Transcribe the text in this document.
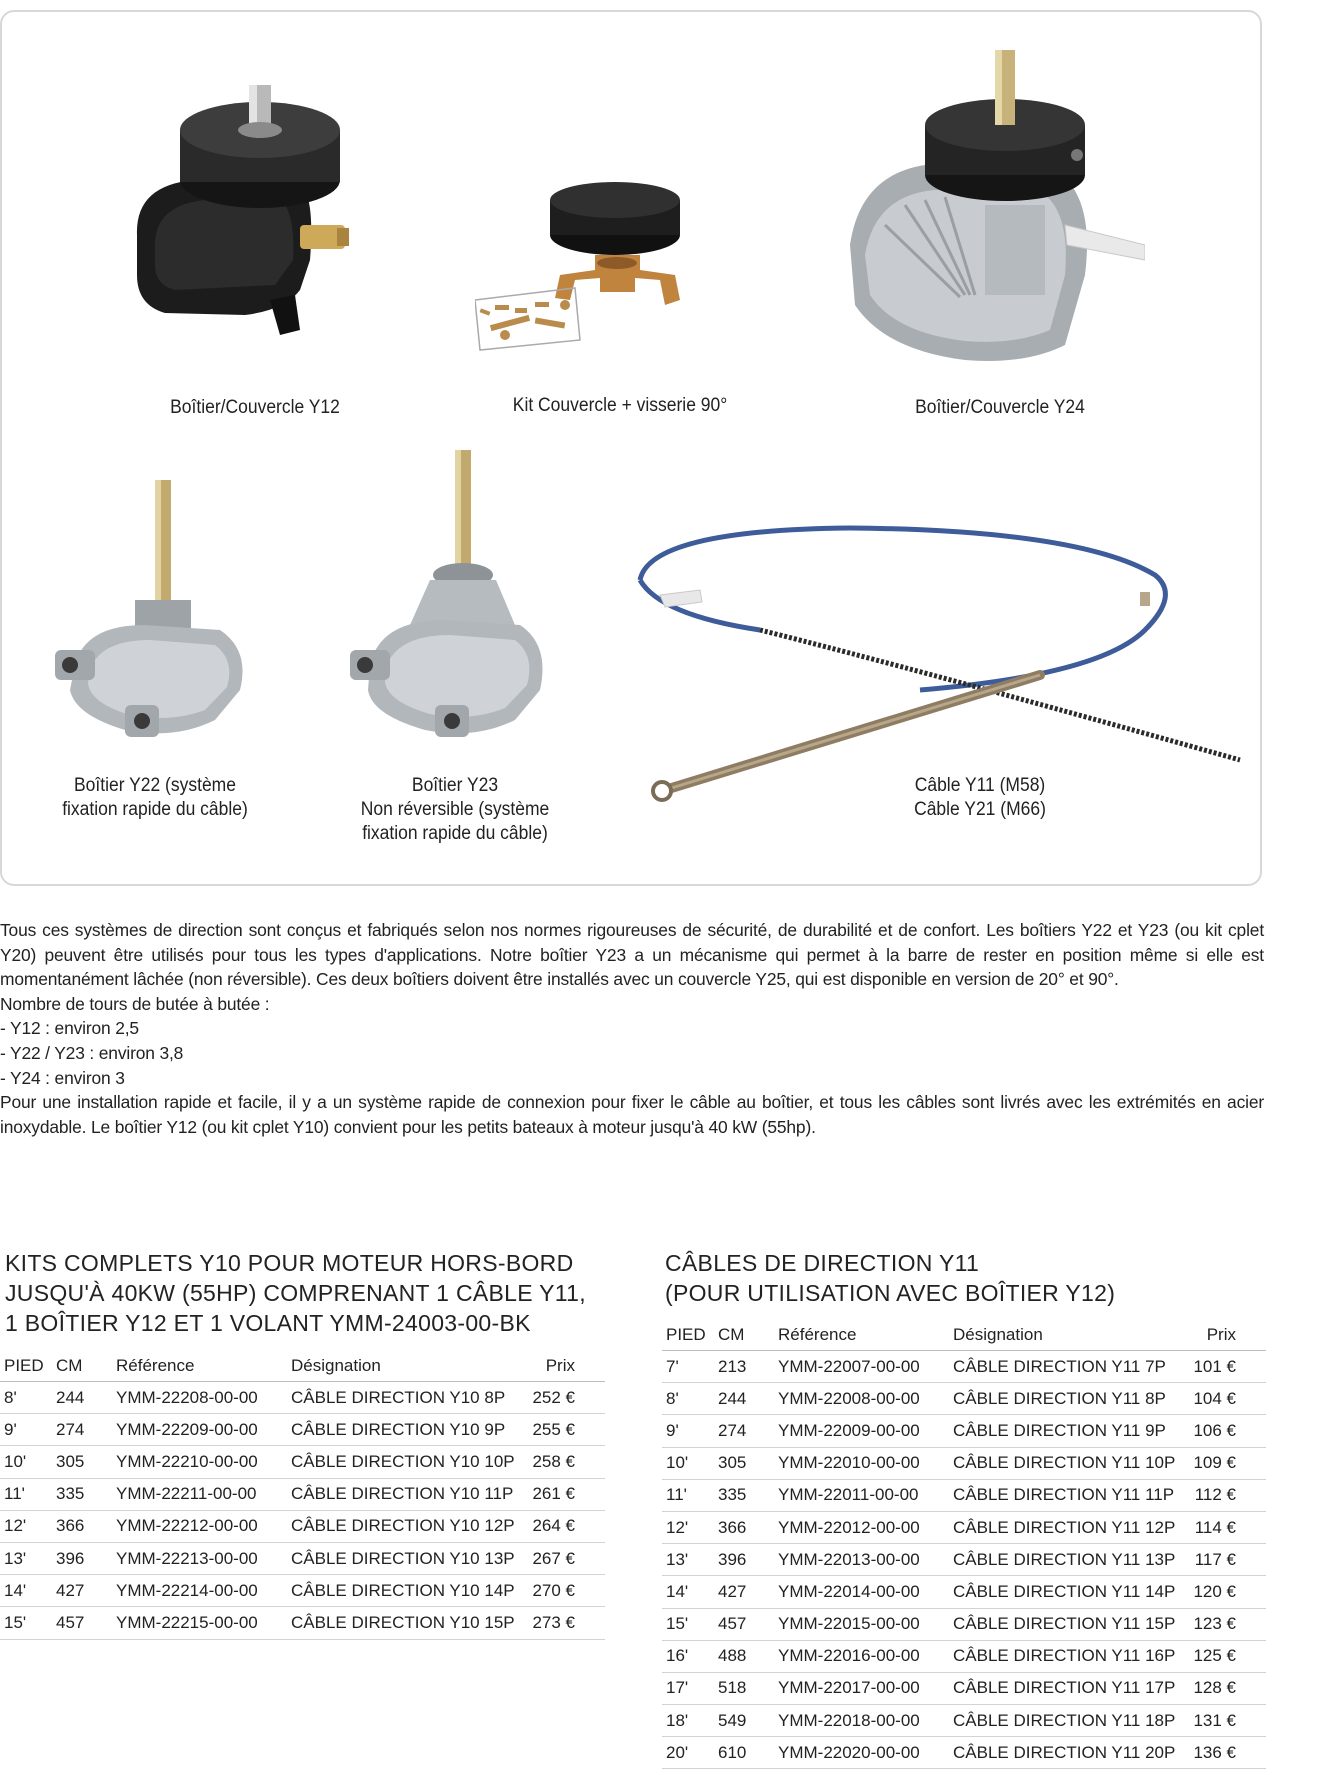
Boîtier/Couvercle Y12	Kit Couvercle + visserie 90°	Boîtier/Couvercle Y24
Boîtier Y22 (système
fixation rapide du câble)
Boîtier Y23
Non réversible (système
fixation rapide du câble)
Câble Y11 (M58)
Câble Y21 (M66)

Tous ces systèmes de direction sont conçus et fabriqués selon nos normes rigoureuses de sécurité, de durabilité et de confort. Les boîtiers Y22 et Y23 (ou kit cplet Y20) peuvent être utilisés pour tous les types d'applications. Notre boîtier Y23 a un mécanisme qui permet à la barre de rester en position même si elle est momentanément lâchée (non réversible). Ces deux boîtiers doivent être installés avec un couvercle Y25, qui est disponible en version de 20° et 90°.

Nombre de tours de butée à butée :

- Y12 : environ 2,5

- Y22 / Y23 : environ 3,8

- Y24 : environ 3

Pour une installation rapide et facile, il y a un système rapide de connexion pour fixer le câble au boîtier, et tous les câbles sont livrés avec les extrémités en acier inoxydable. Le boîtier Y12 (ou kit cplet Y10) convient pour les petits bateaux à moteur jusqu'à 40 kW (55hp).

KITS COMPLETS Y10 POUR MOTEUR HORS-BORD
JUSQU'À 40KW (55HP) COMPRENANT 1 CÂBLE Y11,
1 BOÎTIER Y12 ET 1 VOLANT YMM-24003-00-BK
PIED	CM	Référence	Désignation	Prix
8'	244	YMM-22208-00-00	CÂBLE DIRECTION Y10 8P	252 €
9'	274	YMM-22209-00-00	CÂBLE DIRECTION Y10 9P	255 €
10'	305	YMM-22210-00-00	CÂBLE DIRECTION Y10 10P	258 €
11'	335	YMM-22211-00-00	CÂBLE DIRECTION Y10 11P	261 €
12'	366	YMM-22212-00-00	CÂBLE DIRECTION Y10 12P	264 €
13'	396	YMM-22213-00-00	CÂBLE DIRECTION Y10 13P	267 €
14'	427	YMM-22214-00-00	CÂBLE DIRECTION Y10 14P	270 €
15'	457	YMM-22215-00-00	CÂBLE DIRECTION Y10 15P	273 €
CÂBLES DE DIRECTION Y11
(POUR UTILISATION AVEC BOÎTIER Y12)
PIED	CM	Référence	Désignation	Prix
7'	213	YMM-22007-00-00	CÂBLE DIRECTION Y11 7P	101 €
8'	244	YMM-22008-00-00	CÂBLE DIRECTION Y11 8P	104 €
9'	274	YMM-22009-00-00	CÂBLE DIRECTION Y11 9P	106 €
10'	305	YMM-22010-00-00	CÂBLE DIRECTION Y11 10P	109 €
11'	335	YMM-22011-00-00	CÂBLE DIRECTION Y11 11P	112 €
12'	366	YMM-22012-00-00	CÂBLE DIRECTION Y11 12P	114 €
13'	396	YMM-22013-00-00	CÂBLE DIRECTION Y11 13P	117 €
14'	427	YMM-22014-00-00	CÂBLE DIRECTION Y11 14P	120 €
15'	457	YMM-22015-00-00	CÂBLE DIRECTION Y11 15P	123 €
16'	488	YMM-22016-00-00	CÂBLE DIRECTION Y11 16P	125 €
17'	518	YMM-22017-00-00	CÂBLE DIRECTION Y11 17P	128 €
18'	549	YMM-22018-00-00	CÂBLE DIRECTION Y11 18P	131 €
20'	610	YMM-22020-00-00	CÂBLE DIRECTION Y11 20P	136 €
